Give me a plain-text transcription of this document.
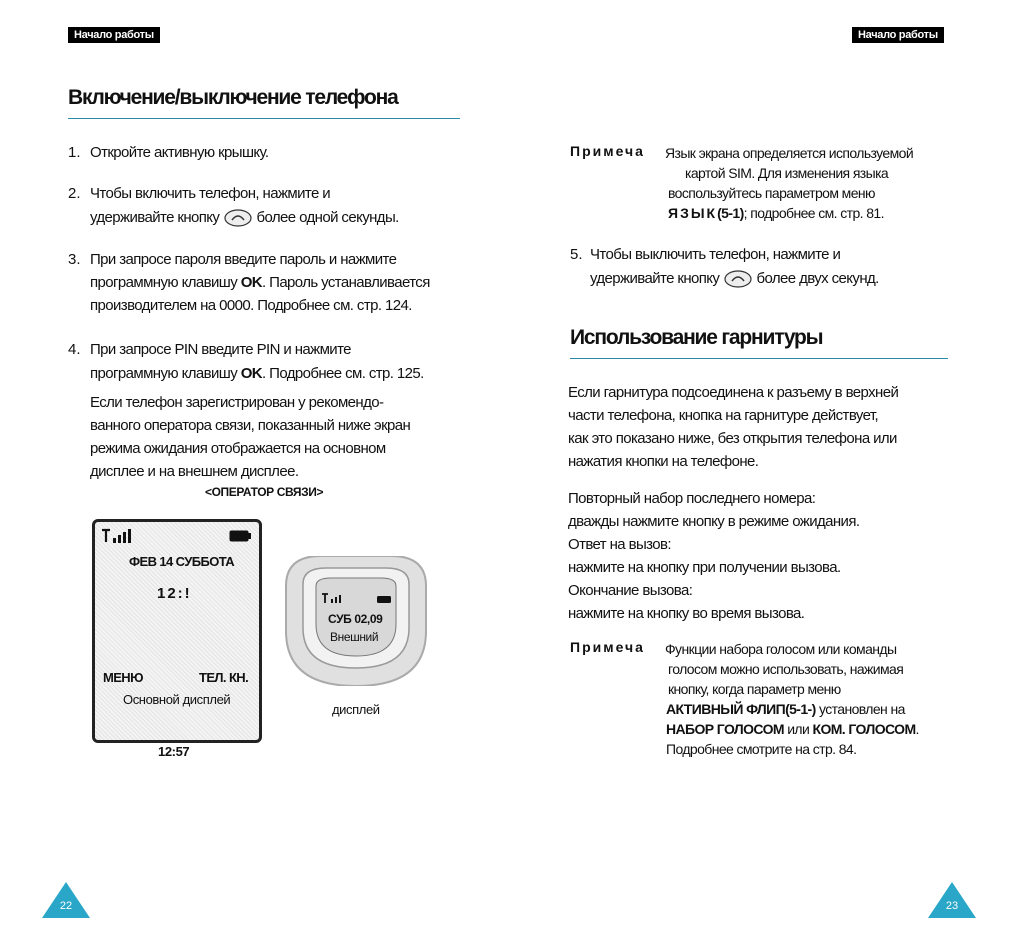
Начало работы	Начало работы
Включение/выключение телефона
1. Откройте активную крышку.
2. Чтобы включить телефон, нажмите и
удерживайте кнопку более одной секунды.
3. При запросе пароля введите пароль и нажмите
программную клавишу OK. Пароль устанавливается
производителем на 0000. Подробнее см. стр. 124.
4. При запросе PIN введите PIN и нажмите
программную клавишу OK. Подробнее см. стр. 125.
Если телефон зарегистрирован у рекомендо-
ванного оператора связи, показанный ниже экран
режима ожидания отображается на основном
дисплее и на внешнем дисплее.
<ОПЕРАТОР СВЯЗИ>
ФЕВ 14 СУББОТА
12:!
МЕНЮ	ТЕЛ. КН.
Основной дисплей
12:57
СУБ 02,09
Внешний
дисплей
22
Примеча Язык экрана определяется используемой
картой SIM. Для изменения языка
воспользуйтесь параметром меню
ЯЗЫК(5-1); подробнее см. стр. 81.
5. Чтобы выключить телефон, нажмите и
удерживайте кнопку более двух секунд.
Использование гарнитуры
Если гарнитура подсоединена к разъему в верхней
части телефона, кнопка на гарнитуре действует,
как это показано ниже, без открытия телефона или
нажатия кнопки на телефоне.
Повторный набор последнего номера:
дважды нажмите кнопку в режиме ожидания.
Ответ на вызов:
нажмите на кнопку при получении вызова.
Окончание вызова:
нажмите на кнопку во время вызова.
Примеча Функции набора голосом или команды
голосом можно использовать, нажимая
кнопку, когда параметр меню
АКТИВНЫЙ ФЛИП(5-1-) установлен на
НАБОР ГОЛОСОМ или КОМ. ГОЛОСОМ.
Подробнее смотрите на стр. 84.
23
